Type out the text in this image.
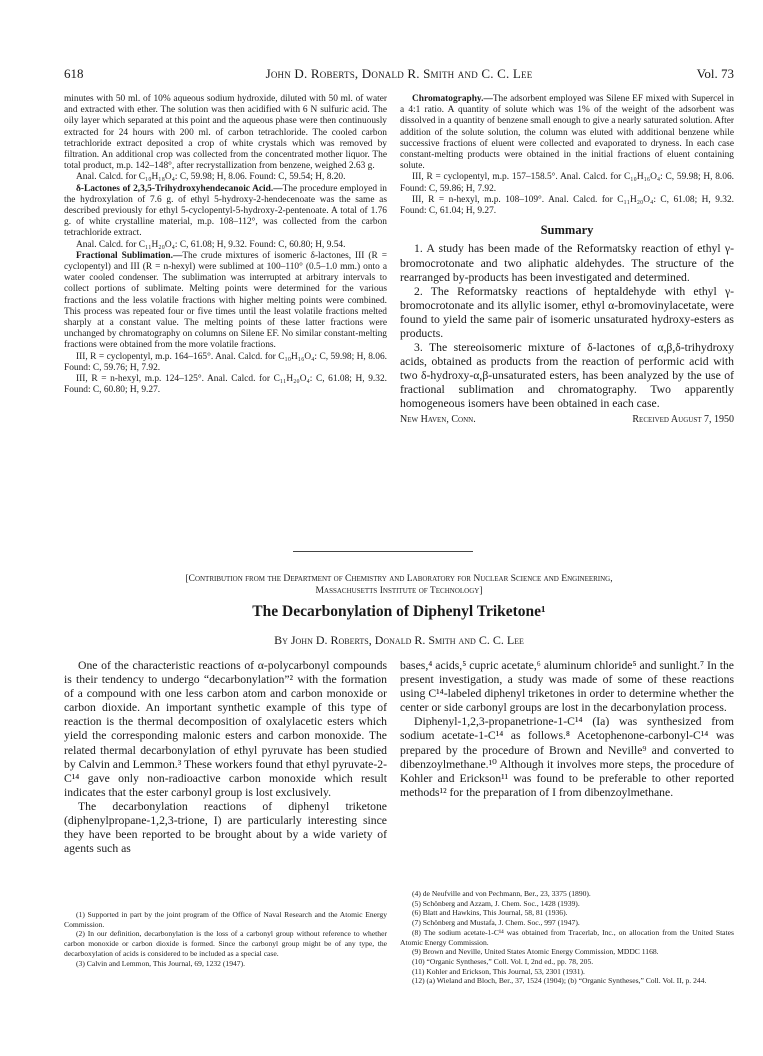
618	John D. Roberts, Donald R. Smith and C. C. Lee	Vol. 73

minutes with 50 ml. of 10% aqueous sodium hydroxide, diluted with 50 ml. of water and extracted with ether. The solution was then acidified with 6 N sulfuric acid. The oily layer which separated at this point and the aqueous phase were then continuously extracted for 24 hours with 200 ml. of carbon tetrachloride. The cooled carbon tetrachloride extract deposited a crop of white crystals which was removed by filtration. An additional crop was collected from the concentrated mother liquor. The total product, m.p. 142–148°, after recrystallization from benzene, weighed 2.63 g.

Anal. Calcd. for C₁₀H₁₈O₄: C, 59.98; H, 8.06. Found: C, 59.54; H, 8.20.

δ-Lactones of 2,3,5-Trihydroxyhendecanoic Acid.—The procedure employed in the hydroxylation of 7.6 g. of ethyl 5-hydroxy-2-hendecenoate was the same as described previously for ethyl 5-cyclopentyl-5-hydroxy-2-pentenoate. A total of 1.76 g. of white crystalline material, m.p. 108–112°, was collected from the carbon tetrachloride extract.

Anal. Calcd. for C₁₁H₂₀O₄: C, 61.08; H, 9.32. Found: C, 60.80; H, 9.54.

Fractional Sublimation.—The crude mixtures of isomeric δ-lactones, III (R = cyclopentyl) and III (R = n-hexyl) were sublimed at 100–110° (0.5–1.0 mm.) onto a water cooled condenser. The sublimation was interrupted at arbitrary intervals to collect portions of sublimate. Melting points were determined for the various fractions and the less volatile fractions with higher melting points were combined. This process was repeated four or five times until the least volatile fractions melted sharply at a constant value. The melting points of these latter fractions were unchanged by chromatography on columns on Silene EF. No similar constant-melting fractions were obtained from the more volatile fractions.

III, R = cyclopentyl, m.p. 164–165°. Anal. Calcd. for C₁₀H₁₆O₄: C, 59.98; H, 8.06. Found: C, 59.76; H, 7.92.

III, R = n-hexyl, m.p. 124–125°. Anal. Calcd. for C₁₁H₂₀O₄: C, 61.08; H, 9.32. Found: C, 60.80; H, 9.27.

Chromatography.—The adsorbent employed was Silene EF mixed with Supercel in a 4:1 ratio. A quantity of solute which was 1% of the weight of the adsorbent was dissolved in a quantity of benzene small enough to give a nearly saturated solution. After addition of the solute solution, the column was eluted with additional benzene while successive fractions of eluent were collected and evaporated to dryness. In each case constant-melting products were obtained in the initial fractions of eluent containing solute.

III, R = cyclopentyl, m.p. 157–158.5°. Anal. Calcd. for C₁₀H₁₆O₄: C, 59.98; H, 8.06. Found: C, 59.86; H, 7.92.

III, R = n-hexyl, m.p. 108–109°. Anal. Calcd. for C₁₁H₂₀O₄: C, 61.08; H, 9.32. Found: C, 61.04; H, 9.27.

Summary

1. A study has been made of the Reformatsky reaction of ethyl γ-bromocrotonate and two aliphatic aldehydes. The structure of the rearranged by-products has been investigated and determined.

2. The Reformatsky reactions of heptaldehyde with ethyl γ-bromocrotonate and its allylic isomer, ethyl α-bromovinylacetate, were found to yield the same pair of isomeric unsaturated hydroxy-esters as products.

3. The stereoisomeric mixture of δ-lactones of α,β,δ-trihydroxy acids, obtained as products from the reaction of performic acid with two δ-hydroxy-α,β-unsaturated esters, has been analyzed by the use of fractional sublimation and chromatography. Two apparently homogeneous isomers have been obtained in each case.

New Haven, Conn.	Received August 7, 1950
[Contribution from the Department of Chemistry and Laboratory for Nuclear Science and Engineering,
Massachusetts Institute of Technology]
The Decarbonylation of Diphenyl Triketone¹
By John D. Roberts, Donald R. Smith and C. C. Lee

One of the characteristic reactions of α-polycarbonyl compounds is their tendency to undergo “decarbonylation”² with the formation of a compound with one less carbon atom and carbon monoxide or carbon dioxide. An important synthetic example of this type of reaction is the thermal decomposition of oxalylacetic esters which yield the corresponding malonic esters and carbon monoxide. The related thermal decarbonylation of ethyl pyruvate has been studied by Calvin and Lemmon.³ These workers found that ethyl pyruvate-2-C¹⁴ gave only non-radioactive carbon monoxide which result indicates that the ester carbonyl group is lost exclusively.

The decarbonylation reactions of diphenyl triketone (diphenylpropane-1,2,3-trione, I) are particularly interesting since they have been reported to be brought about by a wide variety of agents such as

bases,⁴ acids,⁵ cupric acetate,⁶ aluminum chloride⁵ and sunlight.⁷ In the present investigation, a study was made of some of these reactions using C¹⁴-labeled diphenyl triketones in order to determine whether the center or side carbonyl groups are lost in the decarbonylation process.

Diphenyl-1,2,3-propanetrione-1-C¹⁴ (Ia) was synthesized from sodium acetate-1-C¹⁴ as follows.⁸ Acetophenone-carbonyl-C¹⁴ was prepared by the procedure of Brown and Neville⁹ and converted to dibenzoylmethane.¹⁰ Although it involves more steps, the procedure of Kohler and Erickson¹¹ was found to be preferable to other reported methods¹² for the preparation of I from dibenzoylmethane.

(1) Supported in part by the joint program of the Office of Naval Research and the Atomic Energy Commission.

(2) In our definition, decarbonylation is the loss of a carbonyl group without reference to whether carbon monoxide or carbon dioxide is formed. Since the carbonyl group might be of any type, the decarboxylation of acids is considered to be included as a special case.

(3) Calvin and Lemmon, This Journal, 69, 1232 (1947).

(4) de Neufville and von Pechmann, Ber., 23, 3375 (1890).

(5) Schönberg and Azzam, J. Chem. Soc., 1428 (1939).

(6) Blatt and Hawkins, This Journal, 58, 81 (1936).

(7) Schönberg and Mustafa, J. Chem. Soc., 997 (1947).

(8) The sodium acetate-1-C¹⁴ was obtained from Tracerlab, Inc., on allocation from the United States Atomic Energy Commission.

(9) Brown and Neville, United States Atomic Energy Commission, MDDC 1168.

(10) “Organic Syntheses,” Coll. Vol. I, 2nd ed., pp. 78, 205.

(11) Kohler and Erickson, This Journal, 53, 2301 (1931).

(12) (a) Wieland and Bloch, Ber., 37, 1524 (1904); (b) “Organic Syntheses,” Coll. Vol. II, p. 244.
